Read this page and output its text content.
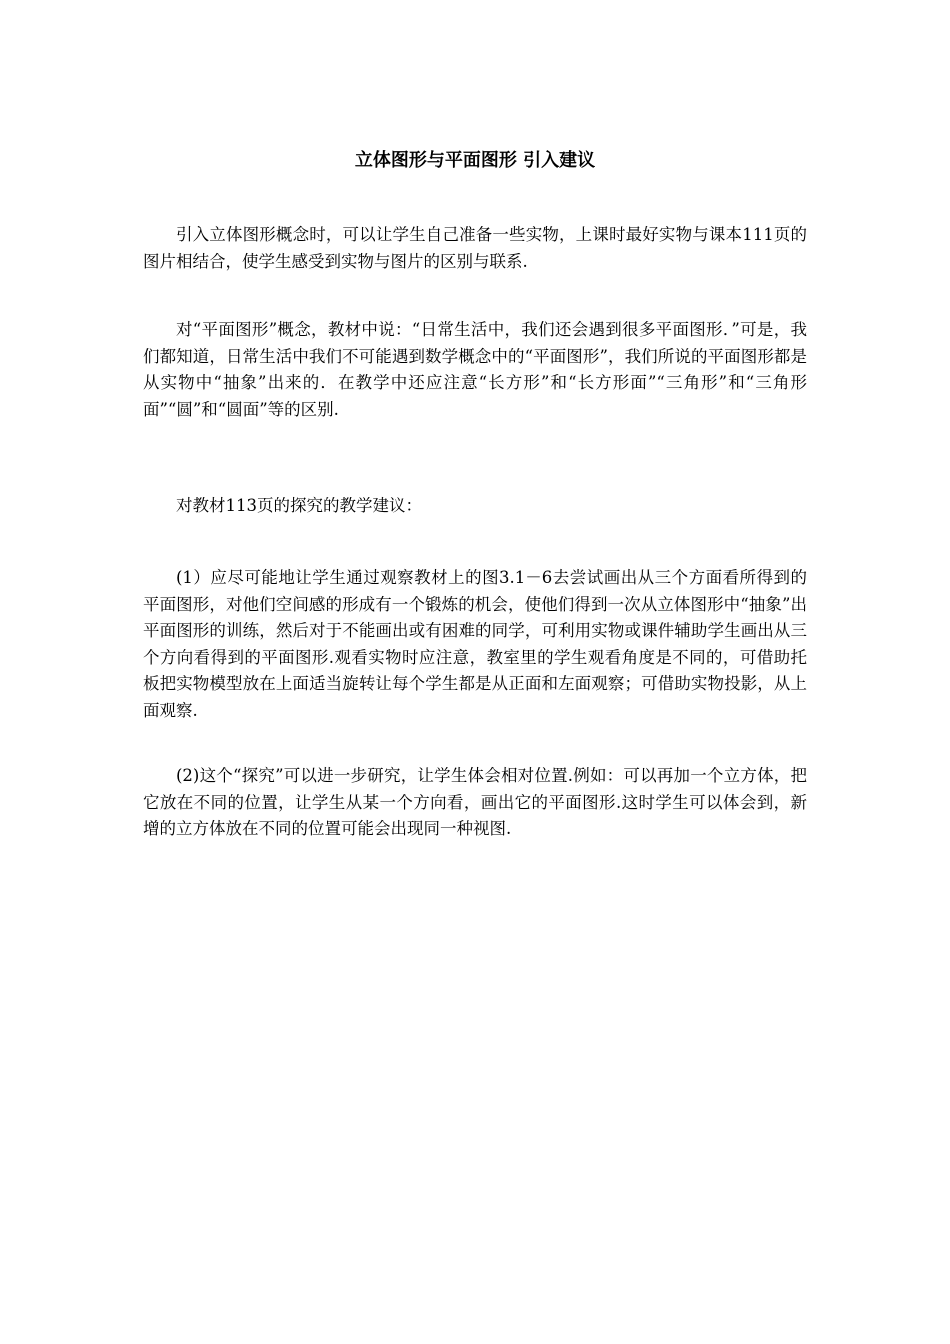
立体图形与平面图形 引入建议

引入立体图形概念时，可以让学生自己准备一些实物，上课时最好实物与课本111页的图片相结合，使学生感受到实物与图片的区别与联系.

对“平面图形”概念，教材中说：“日常生活中，我们还会遇到很多平面图形．”可是，我们都知道，日常生活中我们不可能遇到数学概念中的“平面图形”，我们所说的平面图形都是从实物中“抽象”出来的．在教学中还应注意“长方形”和“长方形面”“三角形”和“三角形面”“圆”和“圆面”等的区别.

对教材113页的探究的教学建议：

(1）应尽可能地让学生通过观察教材上的图3.1－6去尝试画出从三个方面看所得到的平面图形，对他们空间感的形成有一个锻炼的机会，使他们得到一次从立体图形中“抽象”出平面图形的训练，然后对于不能画出或有困难的同学，可利用实物或课件辅助学生画出从三个方向看得到的平面图形.观看实物时应注意，教室里的学生观看角度是不同的，可借助托板把实物模型放在上面适当旋转让每个学生都是从正面和左面观察；可借助实物投影，从上面观察.

(2)这个“探究”可以进一步研究，让学生体会相对位置.例如：可以再加一个立方体，把它放在不同的位置，让学生从某一个方向看，画出它的平面图形.这时学生可以体会到，新增的立方体放在不同的位置可能会出现同一种视图.
